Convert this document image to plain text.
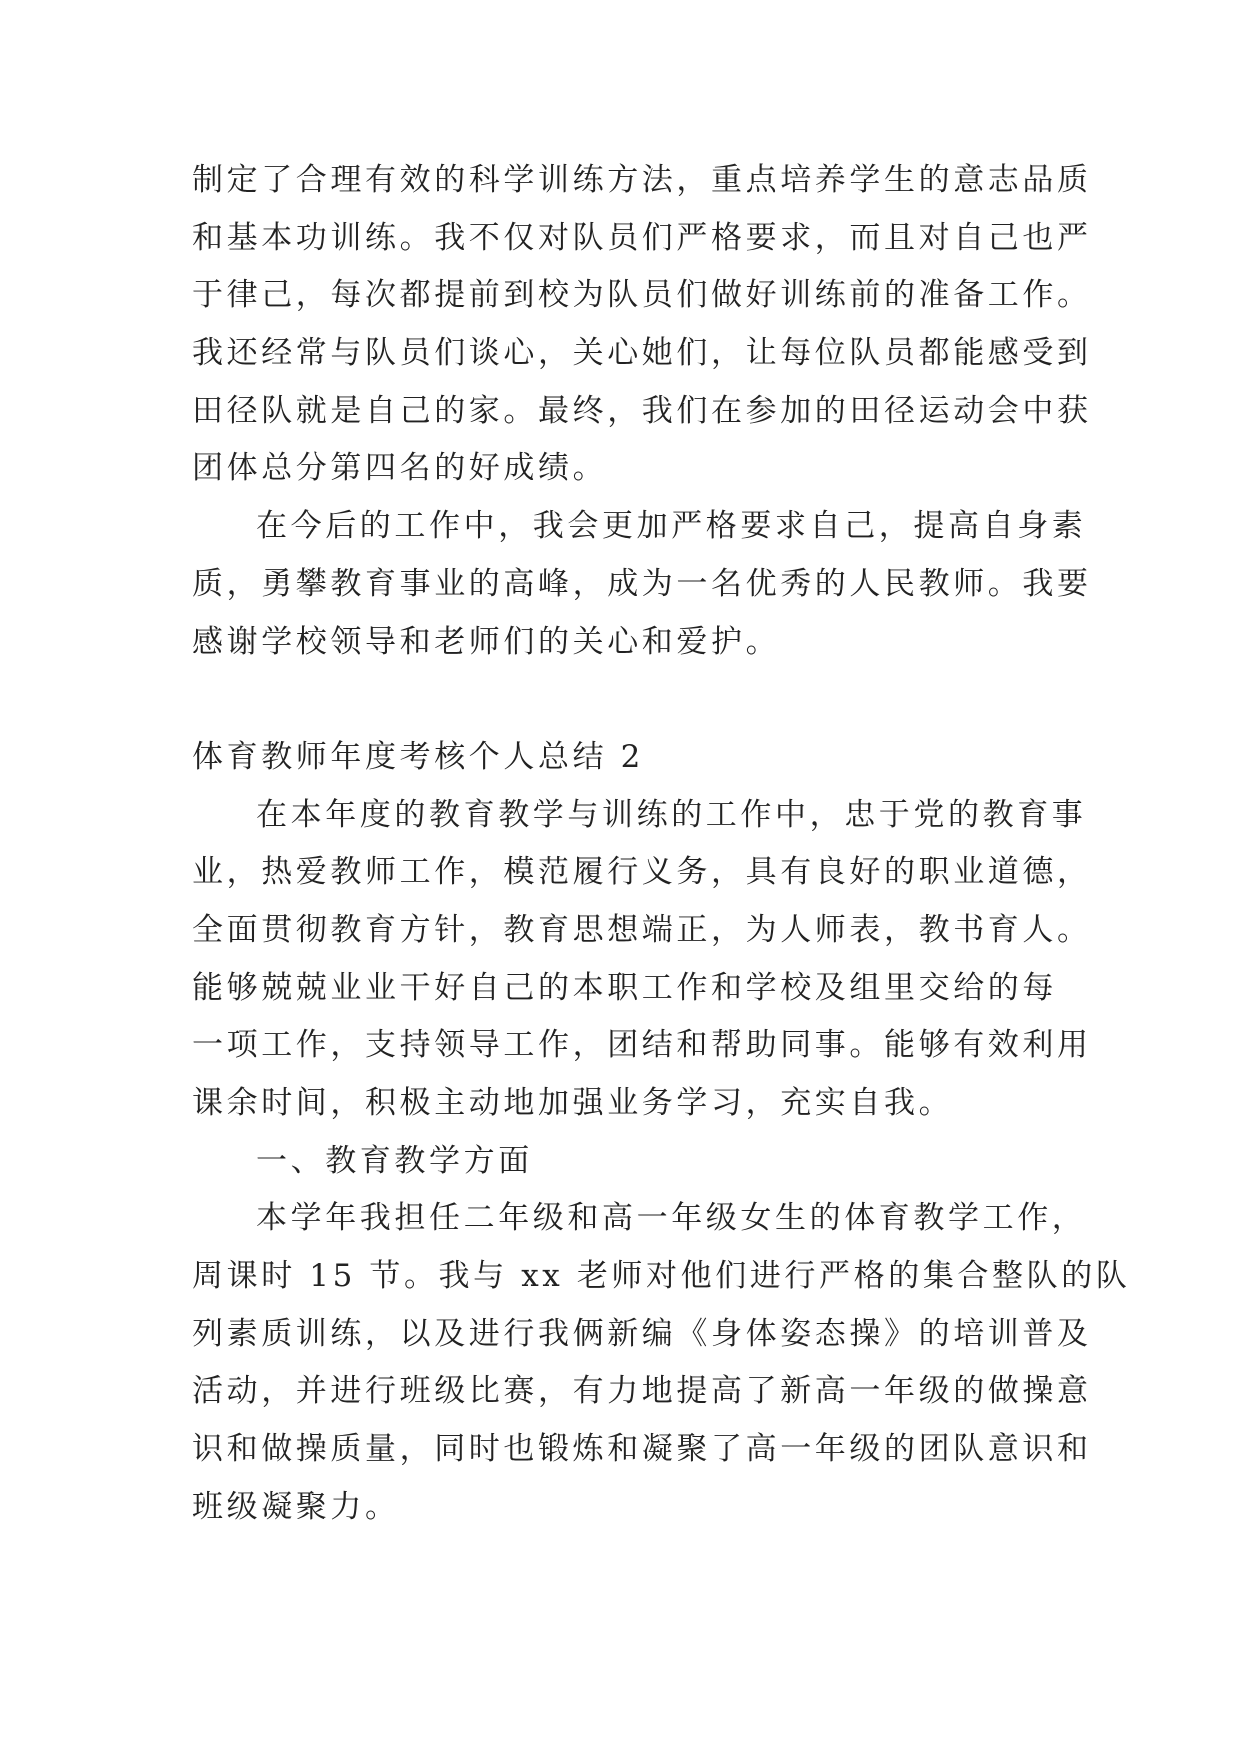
制定了合理有效的科学训练方法，重点培养学生的意志品质
和基本功训练。我不仅对队员们严格要求，而且对自己也严
于律己，每次都提前到校为队员们做好训练前的准备工作。
我还经常与队员们谈心，关心她们，让每位队员都能感受到
田径队就是自己的家。最终，我们在参加的田径运动会中获
团体总分第四名的好成绩。
在今后的工作中，我会更加严格要求自己，提高自身素
质，勇攀教育事业的高峰，成为一名优秀的人民教师。我要
感谢学校领导和老师们的关心和爱护。
体育教师年度考核个人总结 2
在本年度的教育教学与训练的工作中，忠于党的教育事
业，热爱教师工作，模范履行义务，具有良好的职业道德，
全面贯彻教育方针，教育思想端正，为人师表，教书育人。
能够兢兢业业干好自己的本职工作和学校及组里交给的每
一项工作，支持领导工作，团结和帮助同事。能够有效利用
课余时间，积极主动地加强业务学习，充实自我。
一、教育教学方面
本学年我担任二年级和高一年级女生的体育教学工作，
周课时 15 节。我与 xx 老师对他们进行严格的集合整队的队
列素质训练，以及进行我俩新编《身体姿态操》的培训普及
活动，并进行班级比赛，有力地提高了新高一年级的做操意
识和做操质量，同时也锻炼和凝聚了高一年级的团队意识和
班级凝聚力。
